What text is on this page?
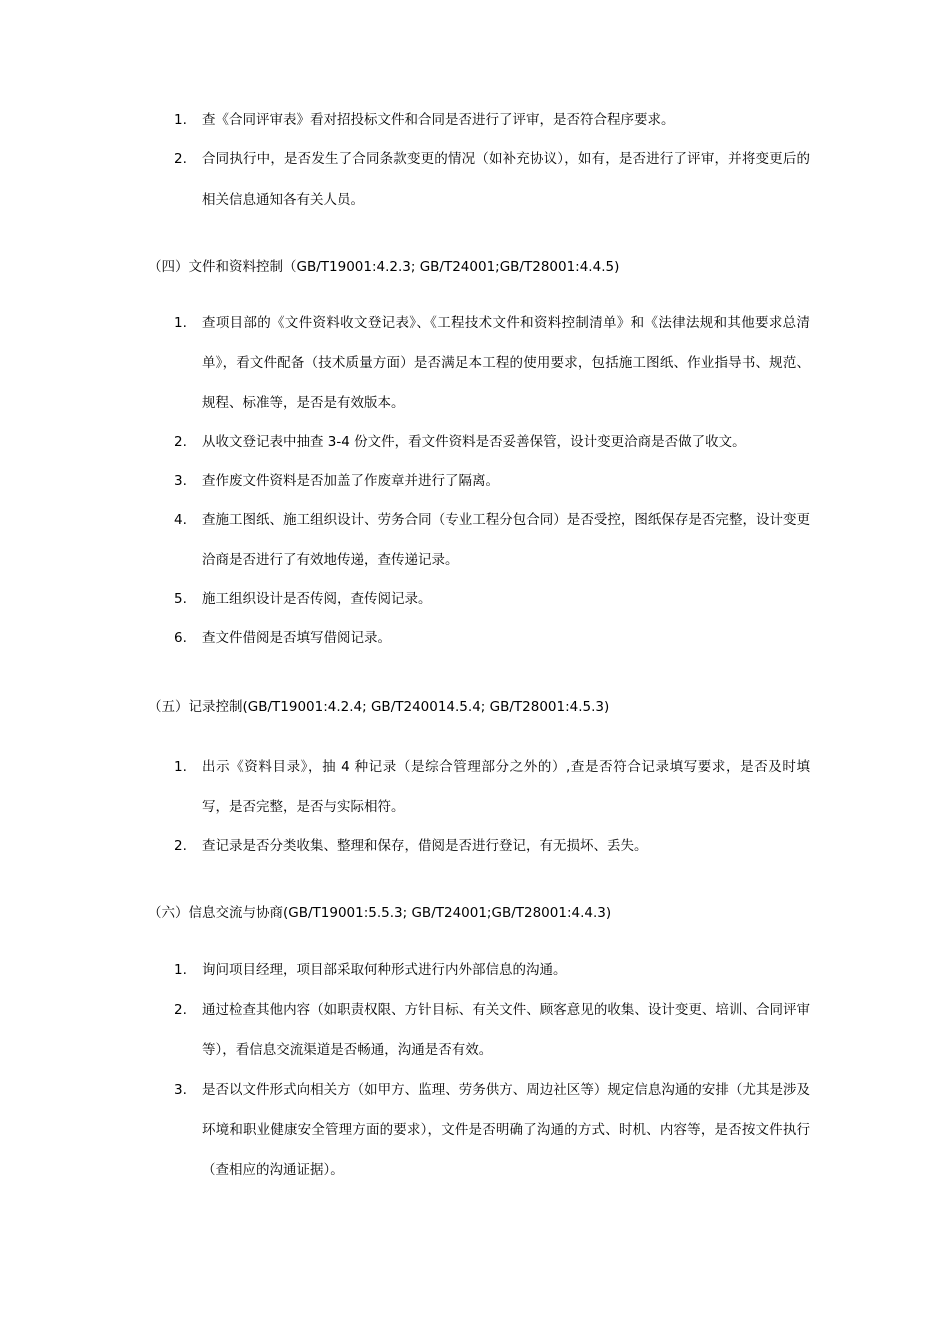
1.	查《合同评审表》看对招投标文件和合同是否进行了评审，是否符合程序要求。
2.	合同执行中，是否发生了合同条款变更的情况（如补充协议），如有，是否进行了评审，并将变更后的相关信息通知各有关人员。
（四）文件和资料控制（GB/T19001:4.2.3; GB/T24001;GB/T28001:4.4.5)
1.	查项目部的《文件资料收文登记表》、《工程技术文件和资料控制清单》和《法律法规和其他要求总清单》，看文件配备（技术质量方面）是否满足本工程的使用要求，包括施工图纸、作业指导书、规范、规程、标准等，是否是有效版本。
2.	从收文登记表中抽查 3-4 份文件，看文件资料是否妥善保管，设计变更洽商是否做了收文。
3.	查作废文件资料是否加盖了作废章并进行了隔离。
4.	查施工图纸、施工组织设计、劳务合同（专业工程分包合同）是否受控，图纸保存是否完整，设计变更洽商是否进行了有效地传递，查传递记录。
5.	施工组织设计是否传阅，查传阅记录。
6.	查文件借阅是否填写借阅记录。
（五）记录控制(GB/T19001:4.2.4; GB/T240014.5.4; GB/T28001:4.5.3)
1.	出示《资料目录》，抽 4 种记录（是综合管理部分之外的）,查是否符合记录填写要求，是否及时填写，是否完整，是否与实际相符。
2.	查记录是否分类收集、整理和保存，借阅是否进行登记，有无损坏、丢失。
（六）信息交流与协商(GB/T19001:5.5.3; GB/T24001;GB/T28001:4.4.3)
1.	询问项目经理，项目部采取何种形式进行内外部信息的沟通。
2.	通过检查其他内容（如职责权限、方针目标、有关文件、顾客意见的收集、设计变更、培训、合同评审等），看信息交流渠道是否畅通，沟通是否有效。
3.	是否以文件形式向相关方（如甲方、监理、劳务供方、周边社区等）规定信息沟通的安排（尤其是涉及环境和职业健康安全管理方面的要求），文件是否明确了沟通的方式、时机、内容等，是否按文件执行（查相应的沟通证据）。
